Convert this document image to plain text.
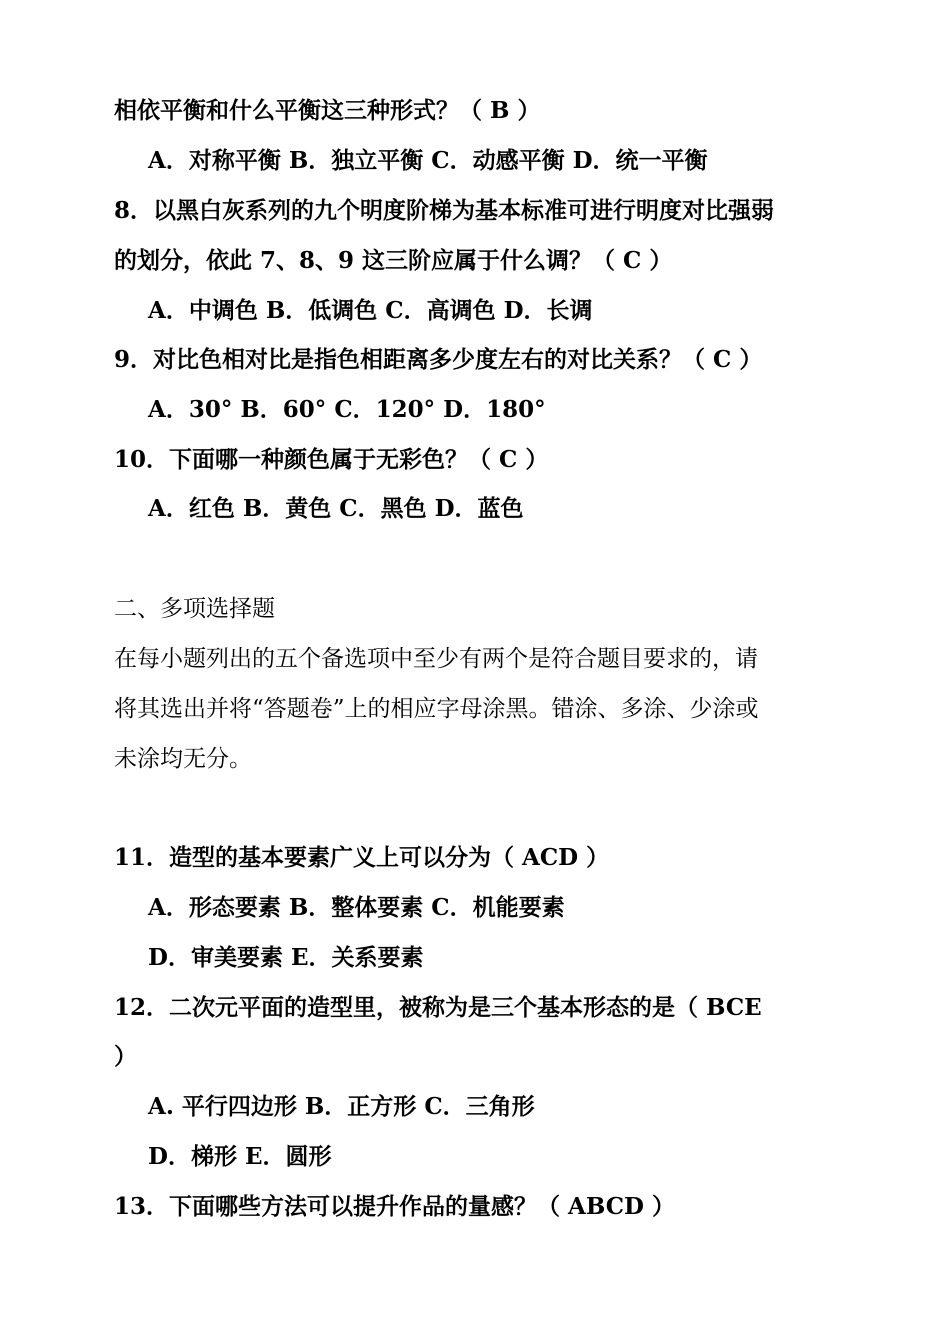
相依平衡和什么平衡这三种形式？（ B ）
A．对称平衡 B．独立平衡 C．动感平衡 D．统一平衡
8．以黑白灰系列的九个明度阶梯为基本标准可进行明度对比强弱
的划分，依此 7、8、9 这三阶应属于什么调？（ C ）
A．中调色 B．低调色 C．高调色 D．长调
9．对比色相对比是指色相距离多少度左右的对比关系？（ C ）
A．30° B．60° C．120° D．180°
10．下面哪一种颜色属于无彩色？（ C ）
A．红色 B．黄色 C．黑色 D．蓝色
二、多项选择题
在每小题列出的五个备选项中至少有两个是符合题目要求的，请
将其选出并将“答题卷”上的相应字母涂黑。错涂、多涂、少涂或
未涂均无分。
11．造型的基本要素广义上可以分为（ ACD ）
A．形态要素 B．整体要素 C．机能要素
D．审美要素 E．关系要素
12．二次元平面的造型里，被称为是三个基本形态的是（ BCE
）
A. 平行四边形 B．正方形 C．三角形
D．梯形 E．圆形
13．下面哪些方法可以提升作品的量感？（ ABCD ）
